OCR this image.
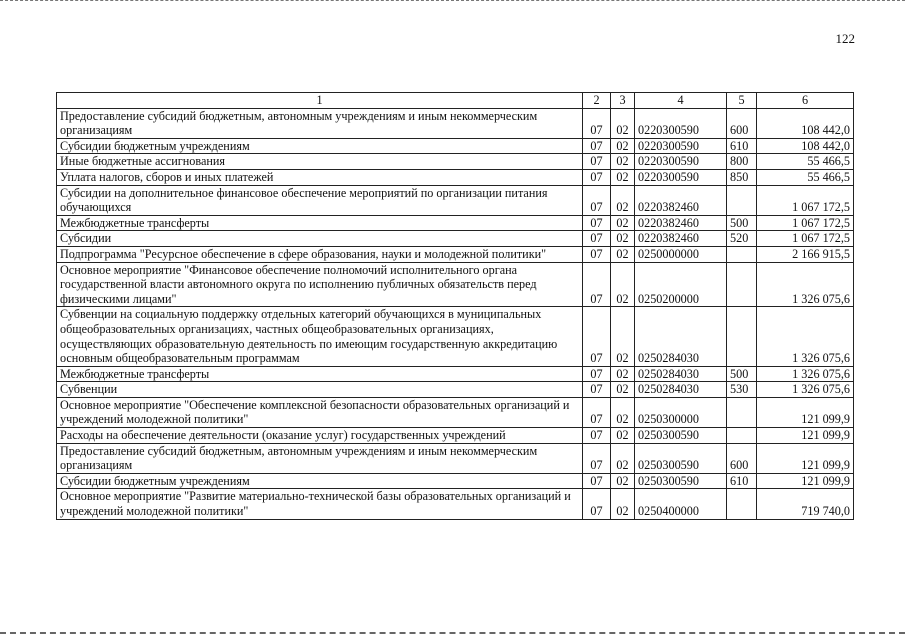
122
1	2	3	4	5	6
Предоставление субсидий бюджетным, автономным учреждениям и иным некоммерческим организациям	07	02	0220300590	600	108 442,0
Субсидии бюджетным учреждениям	07	02	0220300590	610	108 442,0
Иные бюджетные ассигнования	07	02	0220300590	800	55 466,5
Уплата налогов, сборов и иных платежей	07	02	0220300590	850	55 466,5
Субсидии на дополнительное финансовое обеспечение мероприятий по организации питания обучающихся	07	02	0220382460		1 067 172,5
Межбюджетные трансферты	07	02	0220382460	500	1 067 172,5
Субсидии	07	02	0220382460	520	1 067 172,5
Подпрограмма "Ресурсное обеспечение в сфере образования, науки и молодежной политики"	07	02	0250000000		2 166 915,5
Основное мероприятие "Финансовое обеспечение полномочий исполнительного органа государственной власти автономного округа по исполнению публичных обязательств перед физическими лицами"	07	02	0250200000		1 326 075,6
Субвенции на социальную поддержку отдельных категорий обучающихся в муниципальных общеобразовательных организациях, частных общеобразовательных организациях, осуществляющих образовательную деятельность по имеющим государственную аккредитацию основным общеобразовательным программам	07	02	0250284030		1 326 075,6
Межбюджетные трансферты	07	02	0250284030	500	1 326 075,6
Субвенции	07	02	0250284030	530	1 326 075,6
Основное мероприятие "Обеспечение комплексной безопасности образовательных организаций и учреждений молодежной политики"	07	02	0250300000		121 099,9
Расходы на обеспечение деятельности (оказание услуг) государственных учреждений	07	02	0250300590		121 099,9
Предоставление субсидий бюджетным, автономным учреждениям и иным некоммерческим организациям	07	02	0250300590	600	121 099,9
Субсидии бюджетным учреждениям	07	02	0250300590	610	121 099,9
Основное мероприятие "Развитие материально-технической базы образовательных организаций и учреждений молодежной политики"	07	02	0250400000		719 740,0
